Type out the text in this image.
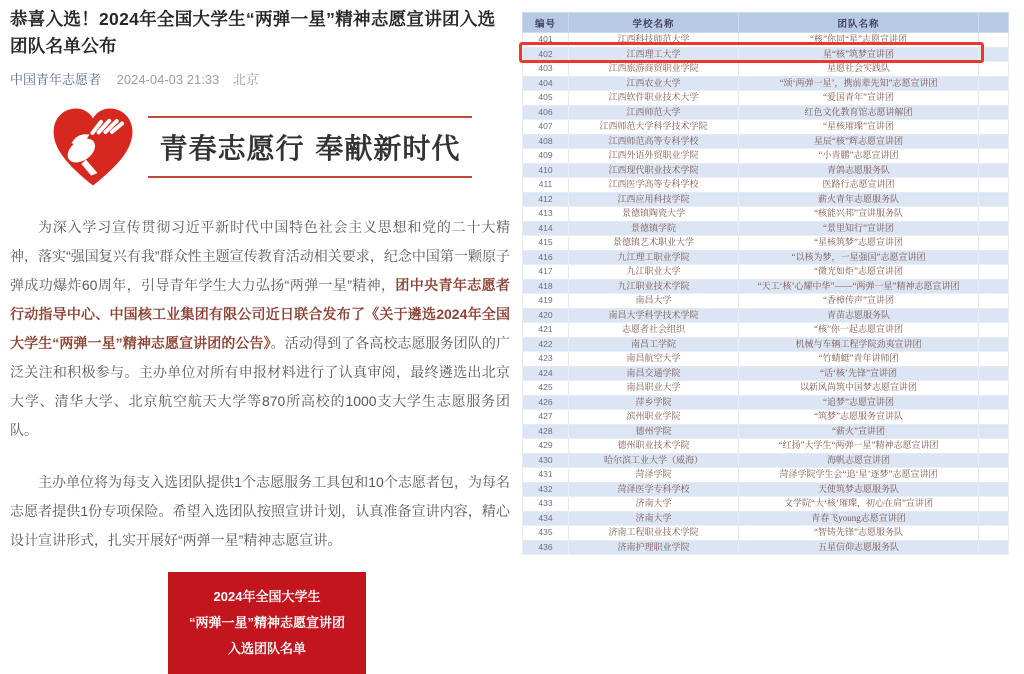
恭喜入选！2024年全国大学生“两弹一星”精神志愿宣讲团入选团队名单公布
中国青年志愿者 2024-04-03 21:33 北京
青春志愿行 奉献新时代
为深入学习宣传贯彻习近平新时代中国特色社会主义思想和党的二十大精神，落实“强国复兴有我”群众性主题宣传教育活动相关要求，纪念中国第一颗原子弹成功爆炸60周年，引导青年学生大力弘扬“两弹一星”精神，团中央青年志愿者行动指导中心、中国核工业集团有限公司近日联合发布了《关于遴选2024年全国大学生“两弹一星”精神志愿宣讲团的公告》。活动得到了各高校志愿服务团队的广泛关注和积极参与。主办单位对所有申报材料进行了认真审阅，最终遴选出北京大学、清华大学、北京航空航天大学等870所高校的1000支大学生志愿服务团队。
主办单位将为每支入选团队提供1个志愿服务工具包和10个志愿者包，为每名志愿者提供1份专项保险。希望入选团队按照宣讲计划，认真准备宣讲内容，精心设计宣讲形式，扎实开展好“两弹一星”精神志愿宣讲。
2024年全国大学生
“两弹一星”精神志愿宣讲团
入选团队名单
编号	学校名称	团队名称	
401	江西科技师范大学	“核”你同“星”志愿宣讲团	
402	江西理工大学	星“核”筑梦宣讲团	
403	江西旅游商贸职业学院	星愿社会实践队	
404	江西农业大学	“颂‘两弹一星’，携前辈先知”志愿宣讲团	
405	江西软件职业技术大学	“爱国青年”宣讲团	
406	江西师范大学	红色文化教育馆志愿讲解团	
407	江西师范大学科学技术学院	“星核璀璨”宣讲团	
408	江西师范高等专科学校	星辰“核”辉志愿宣讲团	
409	江西外语外贸职业学院	“小青鹏”志愿宣讲团	
410	江西现代职业技术学院	青鸽志愿服务队	
411	江西医学高等专科学校	医路行志愿宣讲团	
412	江西应用科技学院	薪火青年志愿服务队	
413	景德镇陶瓷大学	“核能兴邦”宣讲服务队	
414	景德镇学院	“景里知行”宣讲团	
415	景德镇艺术职业大学	“星核筑梦”志愿宣讲团	
416	九江理工职业学院	“以核为梦，一星强国”志愿宣讲团	
417	九江职业大学	“微光如炬”志愿宣讲团	
418	九江职业技术学院	“天工‘核’心耀中华”——“两弹一星”精神志愿宣讲团	
419	南昌大学	“香樟传声”宣讲团	
420	南昌大学科学技术学院	青苗志愿服务队	
421	志愿者社会组织	“核”你一起志愿宣讲团	
422	南昌工学院	机械与车辆工程学院劲夷宣讲团	
423	南昌航空大学	“竹蜻蜓”青年讲师团	
424	南昌交通学院	“话‘核’先锋”宣讲团	
425	南昌职业大学	以新风尚筑中国梦志愿宣讲团	
426	萍乡学院	“追梦”志愿宣讲团	
427	滨州职业学院	“筑梦”志愿服务宣讲队	
428	德州学院	“薪火”宣讲团	
429	德州职业技术学院	“红扬”大学生“两弹一星”精神志愿宣讲团	
430	哈尔滨工业大学（威海）	海帆志愿宣讲团	
431	菏泽学院	菏泽学院学生会“追‘星’逐梦”志愿宣讲团	
432	菏泽医学专科学校	天使筑梦志愿服务队	
433	济南大学	文学院“大‘核’璀璨，初心在肩”宣讲团	
434	济南大学	青春飞young志愿宣讲团	
435	济南工程职业技术学院	“智铸先锋”志愿服务队	
436	济南护理职业学院	五星信仰志愿服务队	
